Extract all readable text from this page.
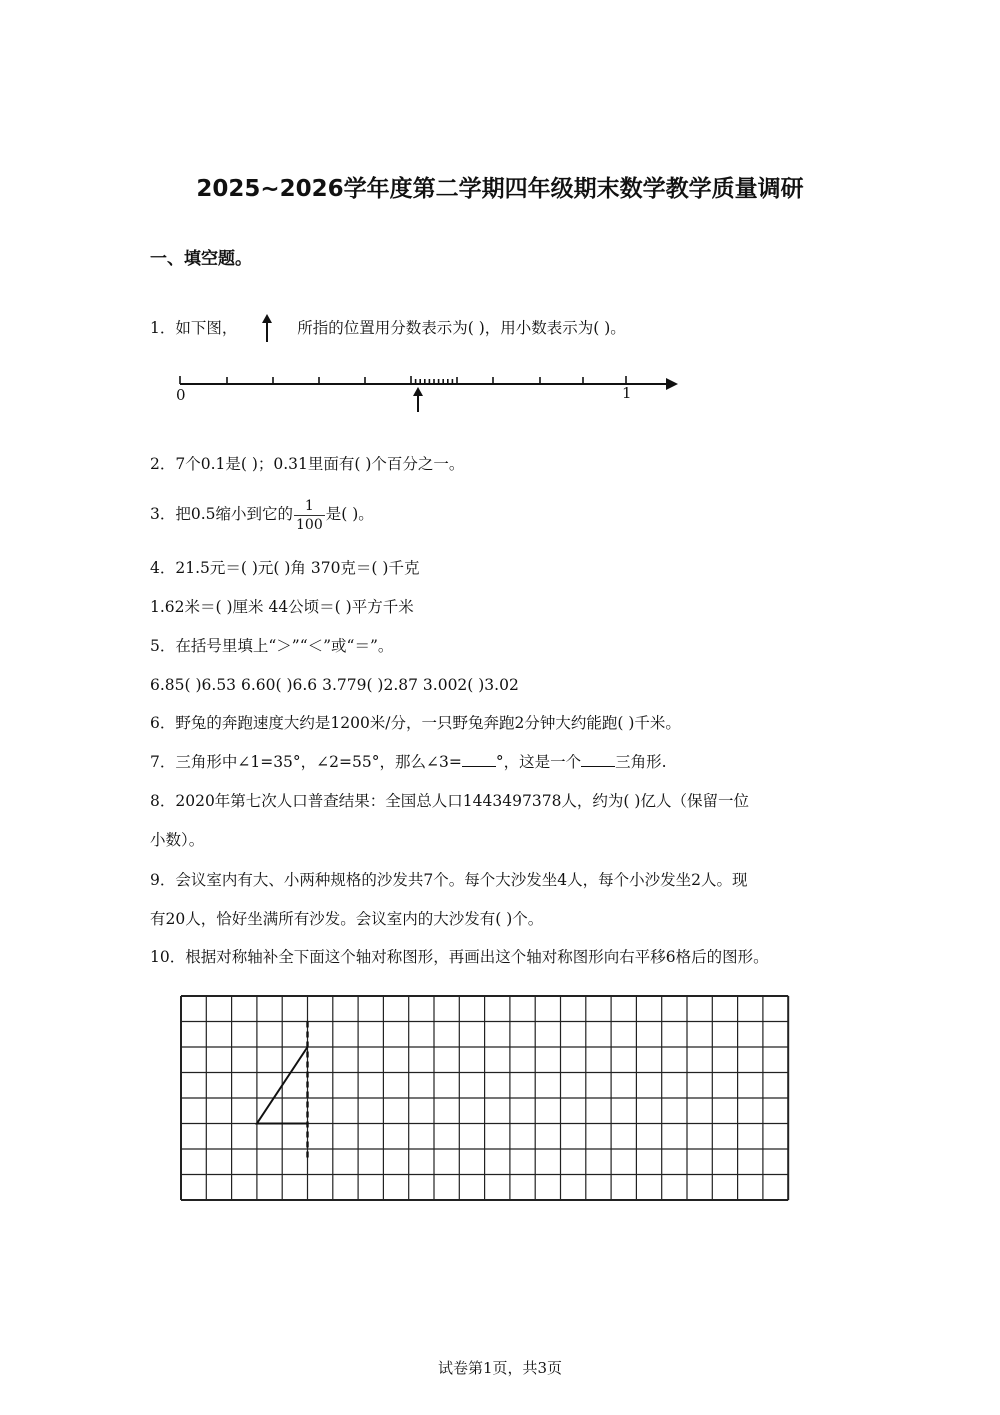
2025~2026学年度第二学期四年级期末数学教学质量调研
一、填空题。
1．如下图，	所指的位置用分数表示为( )，用小数表示为( )。
0	1
2．7个0.1是( )；0.31里面有( )个百分之一。
3．把0.5缩小到它的 $\frac{1}{100}$ 是( )。
4．21.5元＝( )元( )角 370克＝( )千克
1.62米＝( )厘米 44公顷＝( )平方千米
5．在括号里填上“＞”“＜”或“＝”。
6.85( )6.53 6.60( )6.6 3.779( )2.87 3.002( )3.02
6．野兔的奔跑速度大约是1200米/分，一只野兔奔跑2分钟大约能跑( )千米。
7．三角形中∠1=35°，∠2=55°，那么∠3= °，这是一个 三角形.
8．2020年第七次人口普查结果：全国总人口1443497378人，约为( )亿人（保留一位
小数）。
9．会议室内有大、小两种规格的沙发共7个。每个大沙发坐4人，每个小沙发坐2人。现
有20人，恰好坐满所有沙发。会议室内的大沙发有( )个。
10．根据对称轴补全下面这个轴对称图形，再画出这个轴对称图形向右平移6格后的图形。
试卷第1页，共3页
